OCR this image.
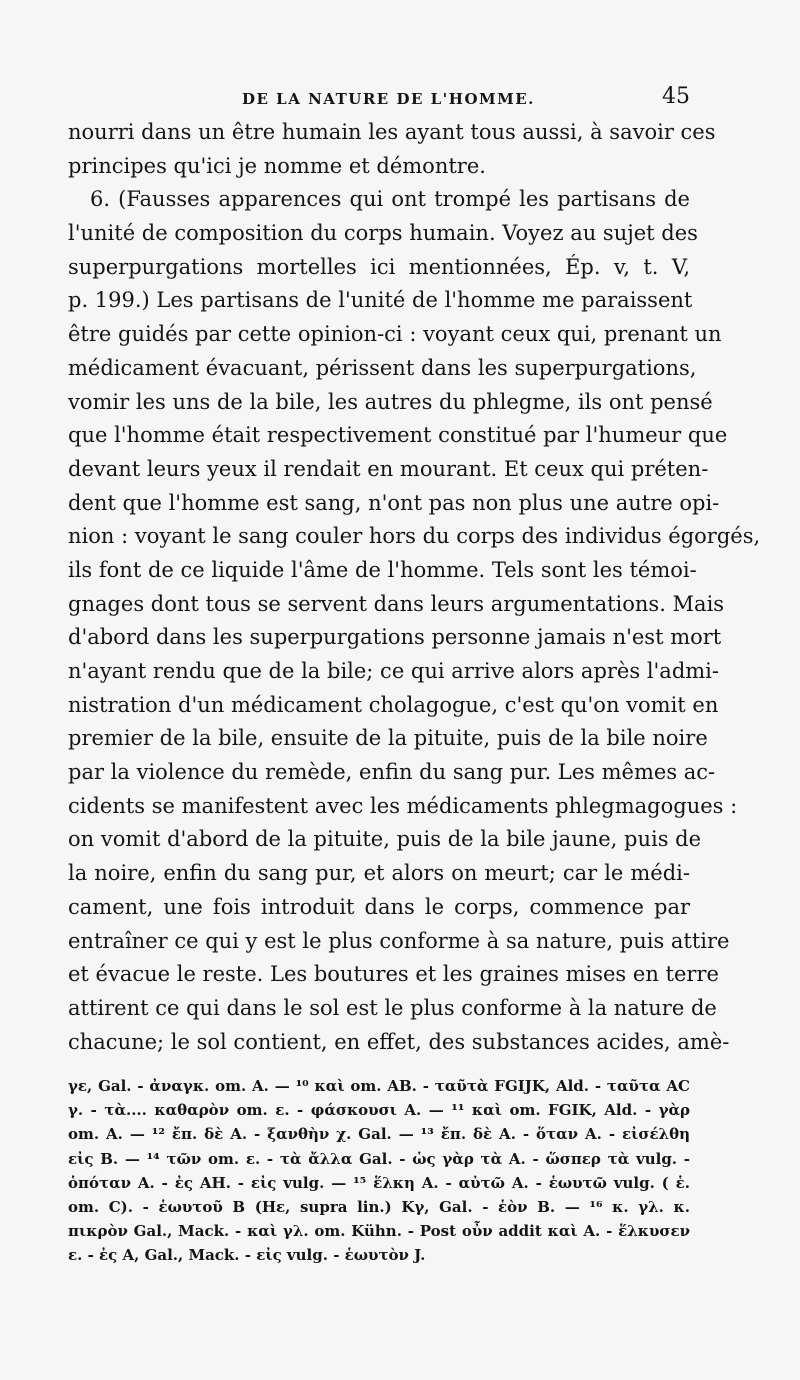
DE LA NATURE DE L'HOMME.	45
nourri dans un être humain les ayant tous aussi, à savoir ces
principes qu'ici je nomme et démontre.
6. (Fausses apparences qui ont trompé les partisans de
l'unité de composition du corps humain. Voyez au sujet des
superpurgations mortelles ici mentionnées, Ép. v, t. V,
p. 199.) Les partisans de l'unité de l'homme me paraissent
être guidés par cette opinion-ci : voyant ceux qui, prenant un
médicament évacuant, périssent dans les superpurgations,
vomir les uns de la bile, les autres du phlegme, ils ont pensé
que l'homme était respectivement constitué par l'humeur que
devant leurs yeux il rendait en mourant. Et ceux qui préten-
dent que l'homme est sang, n'ont pas non plus une autre opi-
nion : voyant le sang couler hors du corps des individus égorgés,
ils font de ce liquide l'âme de l'homme. Tels sont les témoi-
gnages dont tous se servent dans leurs argumentations. Mais
d'abord dans les superpurgations personne jamais n'est mort
n'ayant rendu que de la bile; ce qui arrive alors après l'admi-
nistration d'un médicament cholagogue, c'est qu'on vomit en
premier de la bile, ensuite de la pituite, puis de la bile noire
par la violence du remède, enfin du sang pur. Les mêmes ac-
cidents se manifestent avec les médicaments phlegmagogues :
on vomit d'abord de la pituite, puis de la bile jaune, puis de
la noire, enfin du sang pur, et alors on meurt; car le médi-
cament, une fois introduit dans le corps, commence par
entraîner ce qui y est le plus conforme à sa nature, puis attire
et évacue le reste. Les boutures et les graines mises en terre
attirent ce qui dans le sol est le plus conforme à la nature de
chacune; le sol contient, en effet, des substances acides, amè-
γε, Gal. - ἀναγκ. om. A. — ¹⁰ καὶ om. AB. - ταῦτὰ FGIJK, Ald. - ταῦτα AC
γ. - τὰ.... καθαρὸν om. ε. - φάσκουσι A. — ¹¹ καὶ om. FGIK, Ald. - γὰρ
om. A. — ¹² ἔπ. δὲ A. - ξανθὴν χ. Gal. — ¹³ ἔπ. δὲ A. - ὅταν A. - εἰσέλθη
εἰς B. — ¹⁴ τῶν om. ε. - τὰ ἄλλα Gal. - ὡς γὰρ τὰ A. - ὥσπερ τὰ vulg. -
ὁπόταν A. - ἐς AH. - εἰς vulg. — ¹⁵ ἕλκη A. - αὐτῶ A. - ἑωυτῶ vulg. ( ἑ.
om. C). - ἑωυτοῦ B (Hε, supra lin.) Kγ, Gal. - ἑὸν B. — ¹⁶ κ. γλ. κ.
πικρὸν Gal., Mack. - καὶ γλ. om. Kühn. - Post οὖν addit καὶ A. - ἕλκυσεν
ε. - ἐς A, Gal., Mack. - εἰς vulg. - ἑωυτὸν J.
